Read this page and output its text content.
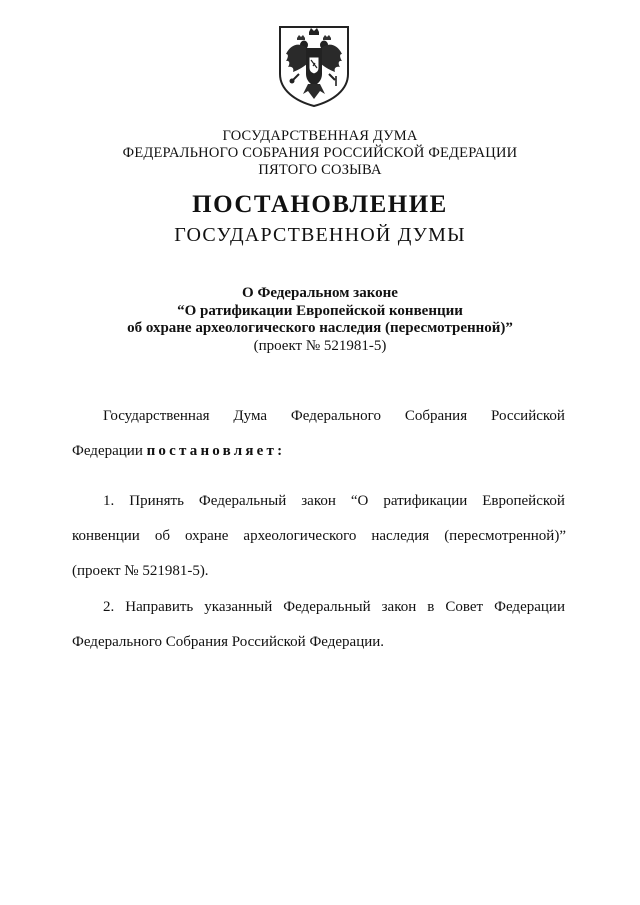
ГОСУДАРСТВЕННАЯ ДУМА
ФЕДЕРАЛЬНОГО СОБРАНИЯ РОССИЙСКОЙ ФЕДЕРАЦИИ
ПЯТОГО СОЗЫВА
ПОСТАНОВЛЕНИЕ
ГОСУДАРСТВЕННОЙ ДУМЫ
О Федеральном законе
“О ратификации Европейской конвенции
об охране археологического наследия (пересмотренной)”
(проект № 521981-5)
Государственная Дума Федерального Собрания Российской
Федерации постановляет:
1. Принять Федеральный закон “О ратификации Европейской
конвенции об охране археологического наследия (пересмотренной)”
(проект № 521981-5).
2. Направить указанный Федеральный закон в Совет Федерации
Федерального Собрания Российской Федерации.
